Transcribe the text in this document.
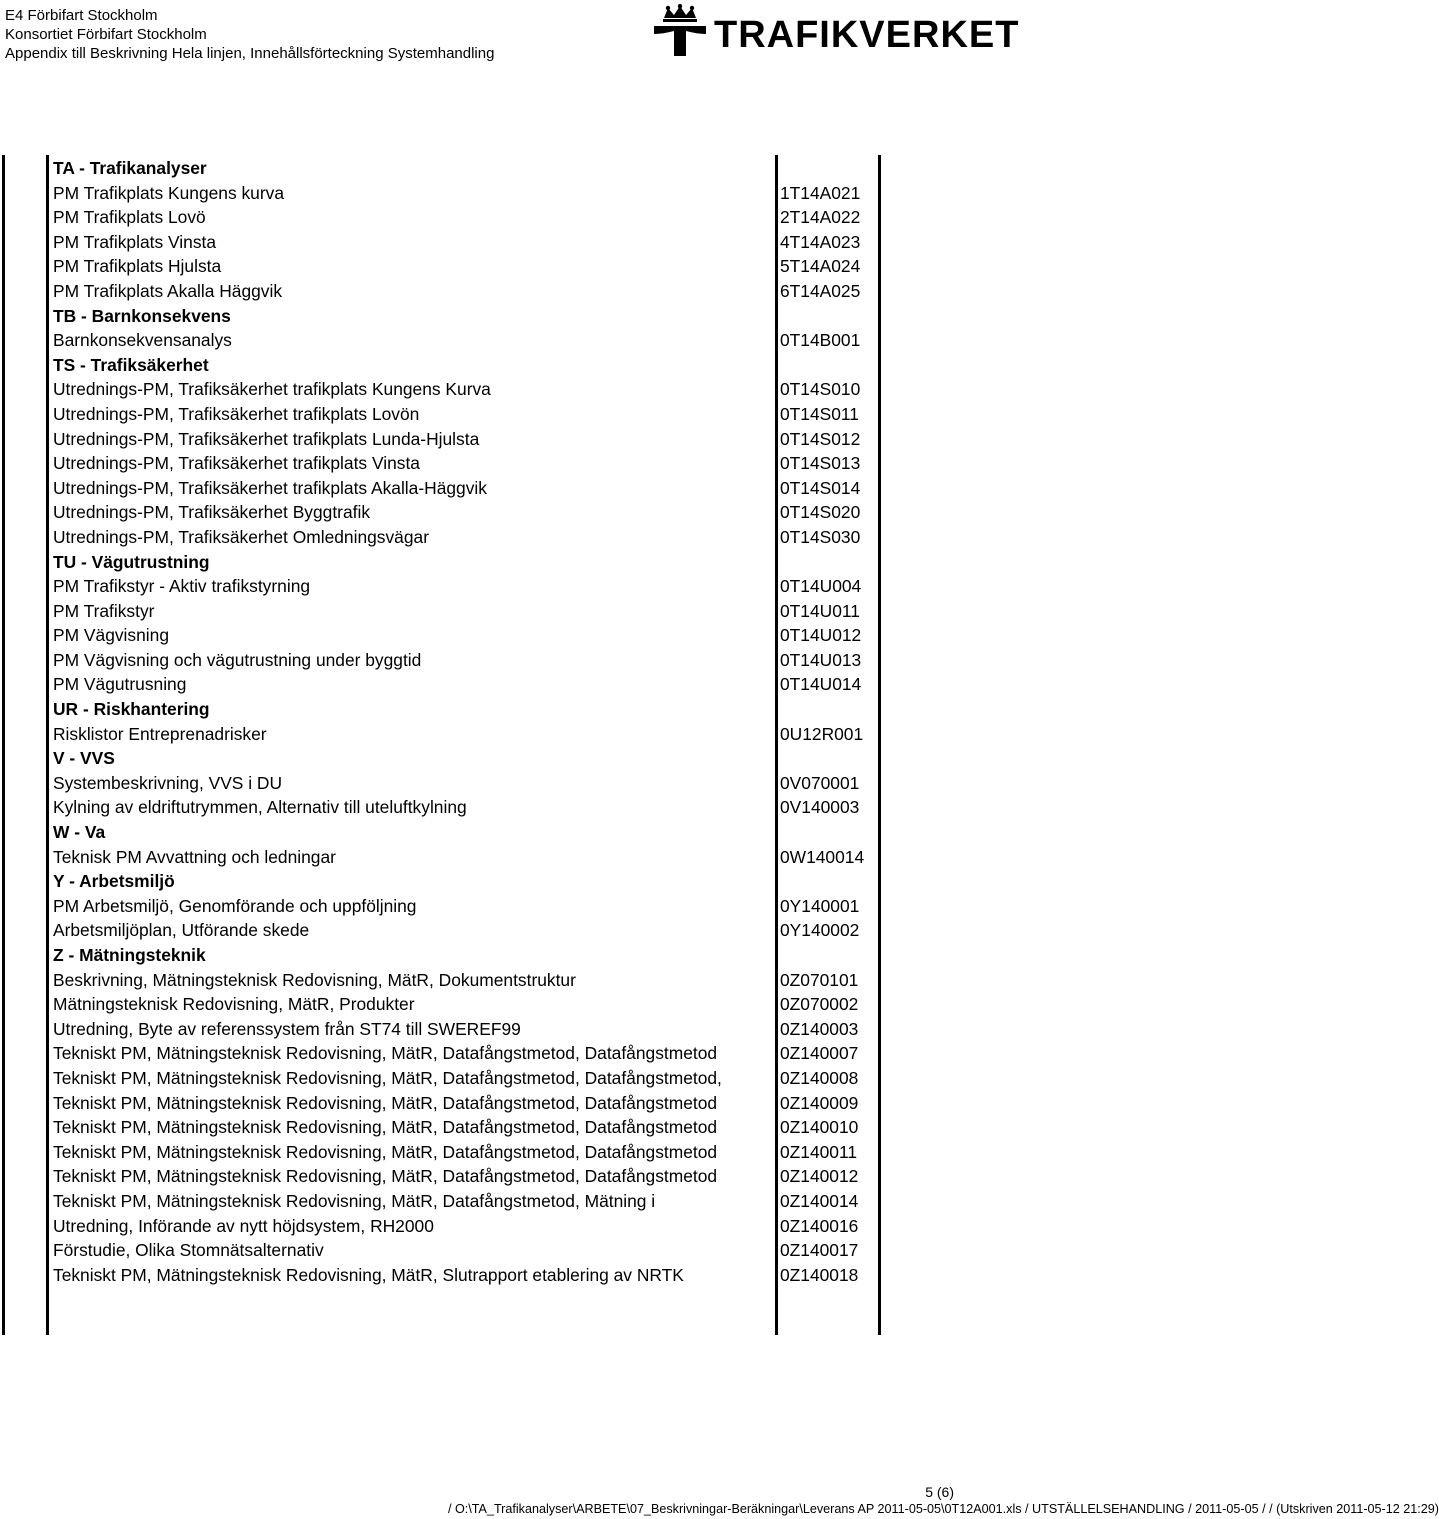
E4 Förbifart Stockholm
Konsortiet Förbifart Stockholm
Appendix till Beskrivning Hela linjen, Innehållsförteckning Systemhandling	TRAFIKVERKET
TA - Trafikanalyser
PM Trafikplats Kungens kurva	1T14A021
PM Trafikplats Lovö	2T14A022
PM Trafikplats Vinsta	4T14A023
PM Trafikplats Hjulsta	5T14A024
PM Trafikplats Akalla Häggvik	6T14A025
TB - Barnkonsekvens
Barnkonsekvensanalys	0T14B001
TS - Trafiksäkerhet
Utrednings-PM, Trafiksäkerhet trafikplats Kungens Kurva	0T14S010
Utrednings-PM, Trafiksäkerhet trafikplats Lovön	0T14S011
Utrednings-PM, Trafiksäkerhet trafikplats Lunda-Hjulsta	0T14S012
Utrednings-PM, Trafiksäkerhet trafikplats Vinsta	0T14S013
Utrednings-PM, Trafiksäkerhet trafikplats Akalla-Häggvik	0T14S014
Utrednings-PM, Trafiksäkerhet Byggtrafik	0T14S020
Utrednings-PM, Trafiksäkerhet Omledningsvägar	0T14S030
TU - Vägutrustning
PM Trafikstyr - Aktiv trafikstyrning	0T14U004
PM Trafikstyr	0T14U011
PM Vägvisning	0T14U012
PM Vägvisning och vägutrustning under byggtid	0T14U013
PM Vägutrusning	0T14U014
UR - Riskhantering
Risklistor Entreprenadrisker	0U12R001
V - VVS
Systembeskrivning, VVS i DU	0V070001
Kylning av eldriftutrymmen, Alternativ till uteluftkylning	0V140003
W - Va
Teknisk PM Avvattning och ledningar	0W140014
Y - Arbetsmiljö
PM Arbetsmiljö, Genomförande och uppföljning	0Y140001
Arbetsmiljöplan, Utförande skede	0Y140002
Z - Mätningsteknik
Beskrivning, Mätningsteknisk Redovisning, MätR, Dokumentstruktur	0Z070101
Mätningsteknisk Redovisning, MätR, Produkter	0Z070002
Utredning, Byte av referenssystem från ST74 till SWEREF99	0Z140003
Tekniskt PM, Mätningsteknisk Redovisning, MätR, Datafångstmetod, Datafångstmetod	0Z140007
Tekniskt PM, Mätningsteknisk Redovisning, MätR, Datafångstmetod, Datafångstmetod,	0Z140008
Tekniskt PM, Mätningsteknisk Redovisning, MätR, Datafångstmetod, Datafångstmetod	0Z140009
Tekniskt PM, Mätningsteknisk Redovisning, MätR, Datafångstmetod, Datafångstmetod	0Z140010
Tekniskt PM, Mätningsteknisk Redovisning, MätR, Datafångstmetod, Datafångstmetod	0Z140011
Tekniskt PM, Mätningsteknisk Redovisning, MätR, Datafångstmetod, Datafångstmetod	0Z140012
Tekniskt PM, Mätningsteknisk Redovisning, MätR, Datafångstmetod, Mätning i	0Z140014
Utredning, Införande av nytt höjdsystem, RH2000	0Z140016
Förstudie, Olika Stomnätsalternativ	0Z140017
Tekniskt PM, Mätningsteknisk Redovisning, MätR, Slutrapport etablering av NRTK	0Z140018
5 (6)
/ O:\TA_Trafikanalyser\ARBETE\07_Beskrivningar-Beräkningar\Leverans AP 2011-05-05\0T12A001.xls / UTSTÄLLELSEHANDLING / 2011-05-05 / / (Utskriven 2011-05-12 21:29)
